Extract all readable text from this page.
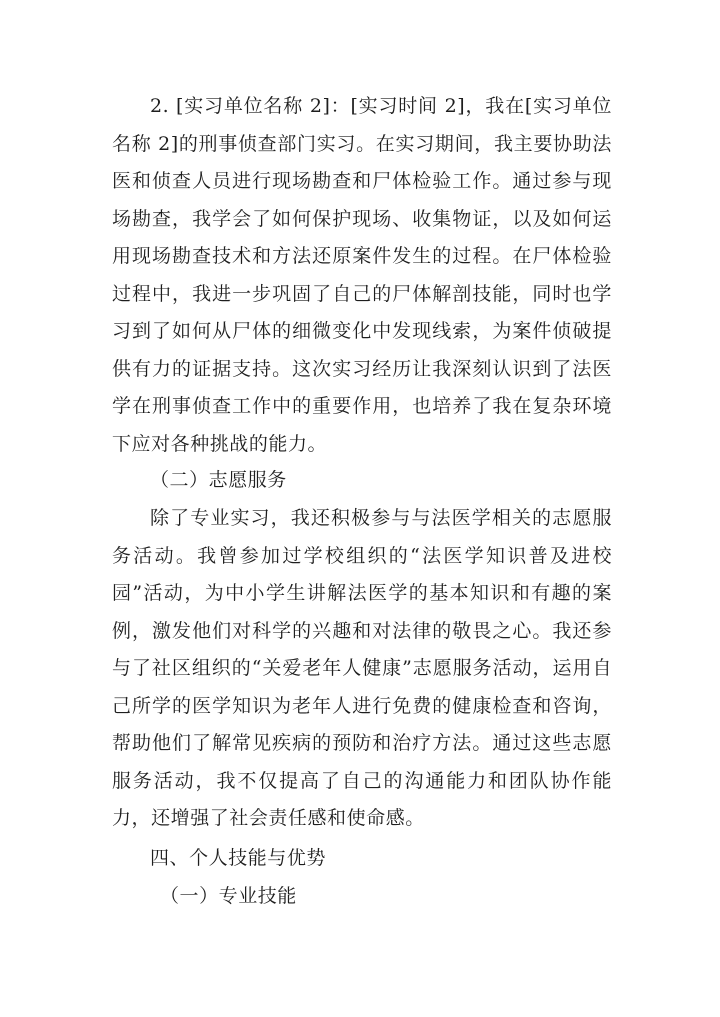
2. [实习单位名称 2]：[实习时间 2]，我在[实习单位名称 2]的刑事侦查部门实习。在实习期间，我主要协助法医和侦查人员进行现场勘查和尸体检验工作。通过参与现场勘查，我学会了如何保护现场、收集物证，以及如何运用现场勘查技术和方法还原案件发生的过程。在尸体检验过程中，我进一步巩固了自己的尸体解剖技能，同时也学习到了如何从尸体的细微变化中发现线索，为案件侦破提供有力的证据支持。这次实习经历让我深刻认识到了法医学在刑事侦查工作中的重要作用，也培养了我在复杂环境下应对各种挑战的能力。

（二）志愿服务

除了专业实习，我还积极参与与法医学相关的志愿服务活动。我曾参加过学校组织的“法医学知识普及进校园”活动，为中小学生讲解法医学的基本知识和有趣的案例，激发他们对科学的兴趣和对法律的敬畏之心。我还参与了社区组织的“关爱老年人健康”志愿服务活动，运用自己所学的医学知识为老年人进行免费的健康检查和咨询，帮助他们了解常见疾病的预防和治疗方法。通过这些志愿服务活动，我不仅提高了自己的沟通能力和团队协作能力，还增强了社会责任感和使命感。

四、个人技能与优势

（一）专业技能
